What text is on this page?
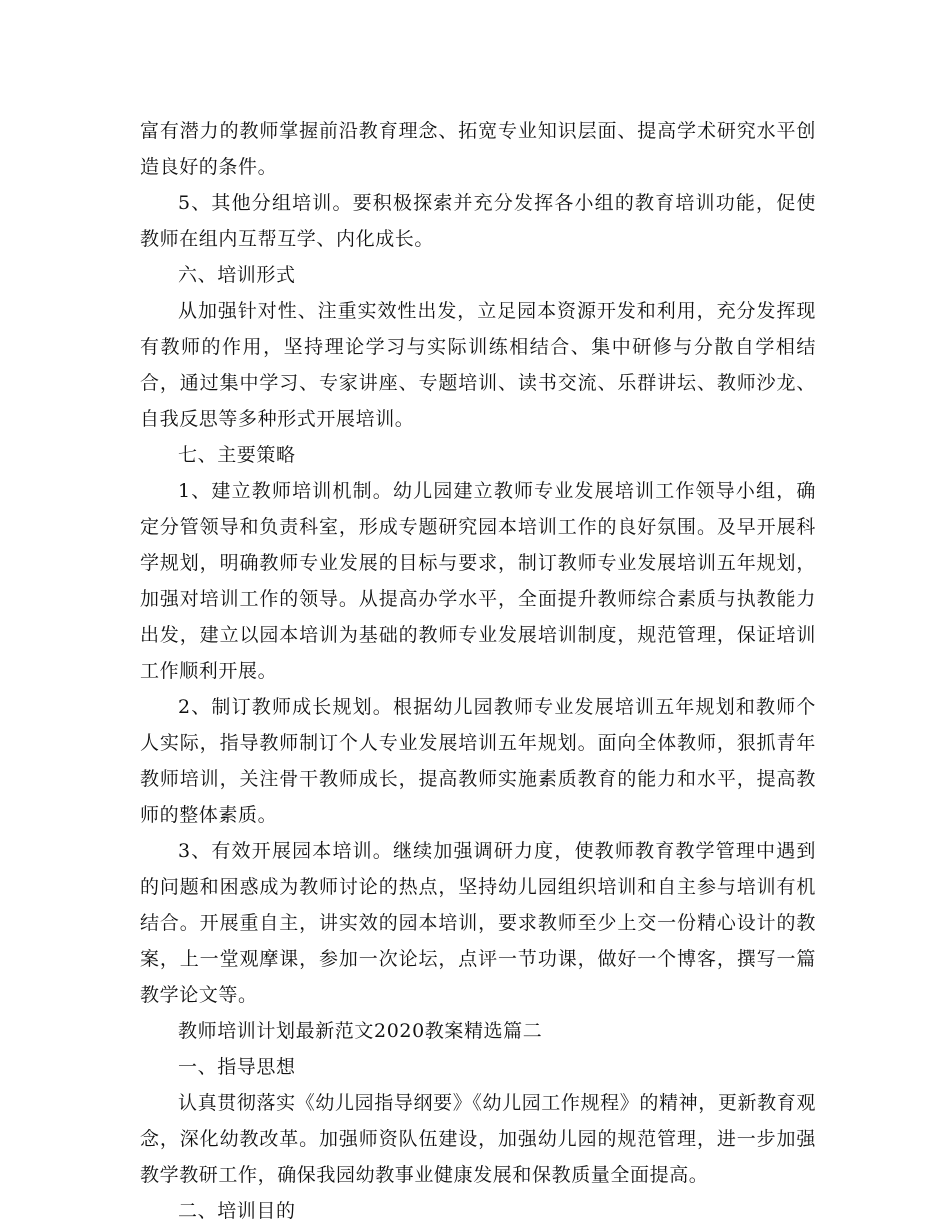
富有潜力的教师掌握前沿教育理念、拓宽专业知识层面、提高学术研究水平创造良好的条件。

5、其他分组培训。要积极探索并充分发挥各小组的教育培训功能，促使教师在组内互帮互学、内化成长。

六、培训形式

从加强针对性、注重实效性出发，立足园本资源开发和利用，充分发挥现有教师的作用，坚持理论学习与实际训练相结合、集中研修与分散自学相结合，通过集中学习、专家讲座、专题培训、读书交流、乐群讲坛、教师沙龙、自我反思等多种形式开展培训。

七、主要策略

1、建立教师培训机制。幼儿园建立教师专业发展培训工作领导小组，确定分管领导和负责科室，形成专题研究园本培训工作的良好氛围。及早开展科学规划，明确教师专业发展的目标与要求，制订教师专业发展培训五年规划，加强对培训工作的领导。从提高办学水平，全面提升教师综合素质与执教能力出发，建立以园本培训为基础的教师专业发展培训制度，规范管理，保证培训工作顺利开展。

2、制订教师成长规划。根据幼儿园教师专业发展培训五年规划和教师个人实际，指导教师制订个人专业发展培训五年规划。面向全体教师，狠抓青年教师培训，关注骨干教师成长，提高教师实施素质教育的能力和水平，提高教师的整体素质。

3、有效开展园本培训。继续加强调研力度，使教师教育教学管理中遇到的问题和困惑成为教师讨论的热点，坚持幼儿园组织培训和自主参与培训有机结合。开展重自主，讲实效的园本培训，要求教师至少上交一份精心设计的教案，上一堂观摩课，参加一次论坛，点评一节功课，做好一个博客，撰写一篇教学论文等。

教师培训计划最新范文2020教案精选篇二

一、指导思想

认真贯彻落实《幼儿园指导纲要》《幼儿园工作规程》的精神，更新教育观念，深化幼教改革。加强师资队伍建设，加强幼儿园的规范管理，进一步加强教学教研工作，确保我园幼教事业健康发展和保教质量全面提高。

二、培训目的
